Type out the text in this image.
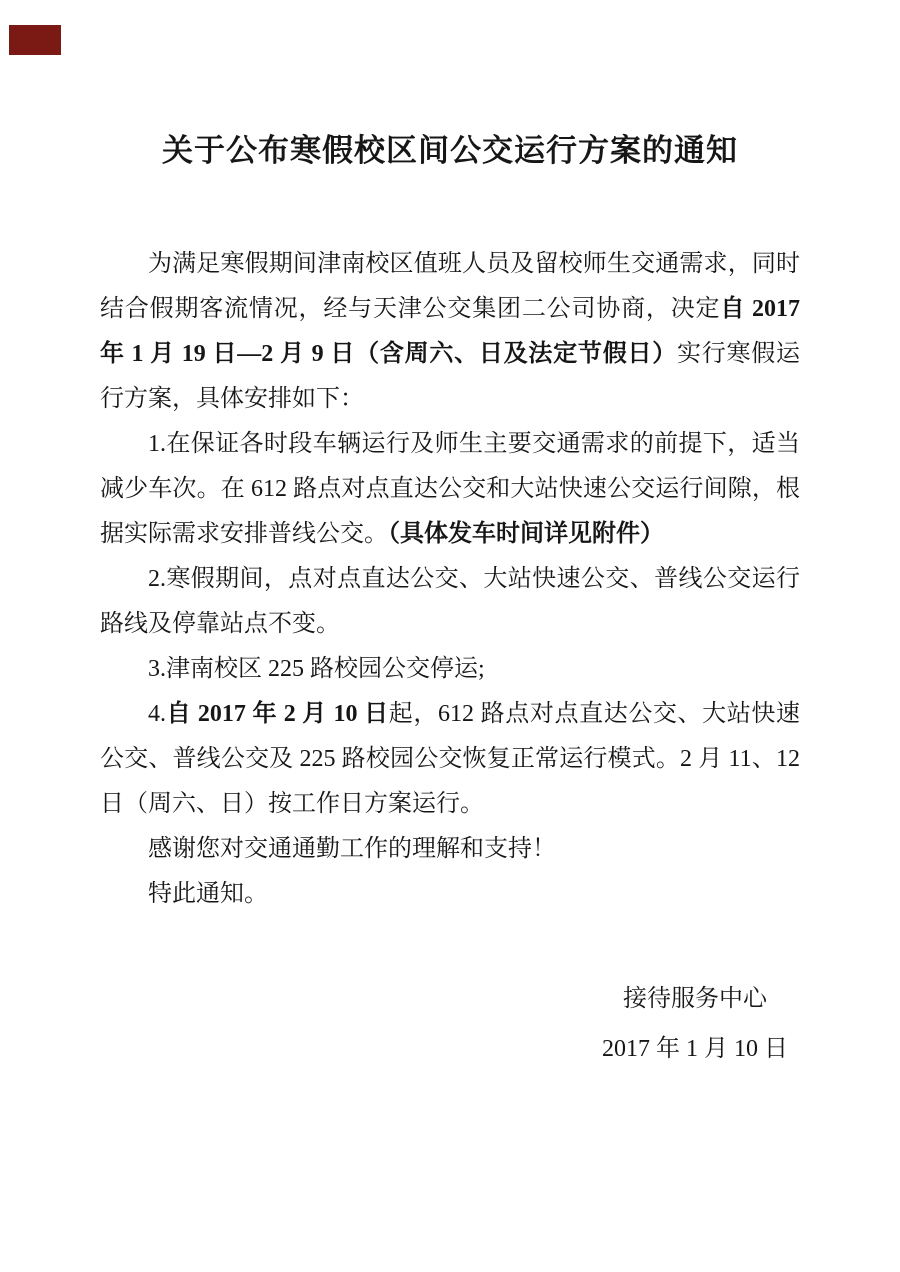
关于公布寒假校区间公交运行方案的通知
为满足寒假期间津南校区值班人员及留校师生交通需求，同时结合假期客流情况，经与天津公交集团二公司协商，决定自 2017 年 1 月 19 日—2 月 9 日（含周六、日及法定节假日）实行寒假运行方案，具体安排如下：
1.在保证各时段车辆运行及师生主要交通需求的前提下，适当减少车次。在 612 路点对点直达公交和大站快速公交运行间隙，根据实际需求安排普线公交。（具体发车时间详见附件）
2.寒假期间，点对点直达公交、大站快速公交、普线公交运行路线及停靠站点不变。
3.津南校区 225 路校园公交停运;
4.自 2017 年 2 月 10 日起，612 路点对点直达公交、大站快速公交、普线公交及 225 路校园公交恢复正常运行模式。2 月 11、12 日（周六、日）按工作日方案运行。
感谢您对交通通勤工作的理解和支持！
特此通知。
接待服务中心
2017 年 1 月 10 日
